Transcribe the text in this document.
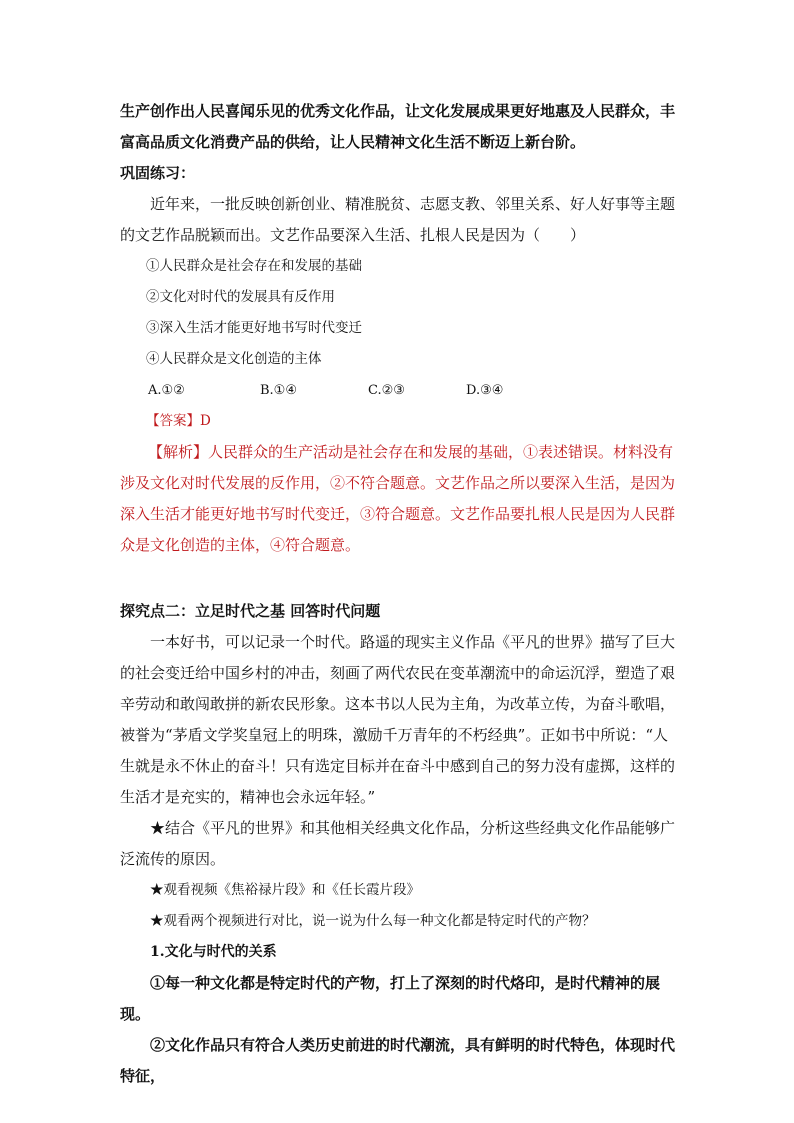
生产创作出人民喜闻乐见的优秀文化作品，让文化发展成果更好地惠及人民群众，丰富高品质文化消费产品的供给，让人民精神文化生活不断迈上新台阶。

巩固练习：

近年来，一批反映创新创业、精准脱贫、志愿支教、邻里关系、好人好事等主题的文艺作品脱颖而出。文艺作品要深入生活、扎根人民是因为（　　）

①人民群众是社会存在和发展的基础

②文化对时代的发展具有反作用

③深入生活才能更好地书写时代变迁

④人民群众是文化创造的主体

A.①②	B.①④	C.②③	D.③④

【答案】D

【解析】人民群众的生产活动是社会存在和发展的基础，①表述错误。材料没有涉及文化对时代发展的反作用，②不符合题意。文艺作品之所以要深入生活，是因为深入生活才能更好地书写时代变迁，③符合题意。文艺作品要扎根人民是因为人民群众是文化创造的主体，④符合题意。

探究点二：立足时代之基 回答时代问题

一本好书，可以记录一个时代。路遥的现实主义作品《平凡的世界》描写了巨大的社会变迁给中国乡村的冲击，刻画了两代农民在变革潮流中的命运沉浮，塑造了艰辛劳动和敢闯敢拼的新农民形象。这本书以人民为主角，为改革立传，为奋斗歌唱，被誉为“茅盾文学奖皇冠上的明珠，激励千万青年的不朽经典”。正如书中所说：“人生就是永不休止的奋斗！只有选定目标并在奋斗中感到自己的努力没有虚掷，这样的生活才是充实的，精神也会永远年轻。”

★结合《平凡的世界》和其他相关经典文化作品，分析这些经典文化作品能够广泛流传的原因。

★观看视频《焦裕禄片段》和《任长霞片段》

★观看两个视频进行对比，说一说为什么每一种文化都是特定时代的产物？

1.文化与时代的关系

①每一种文化都是特定时代的产物，打上了深刻的时代烙印，是时代精神的展现。

②文化作品只有符合人类历史前进的时代潮流，具有鲜明的时代特色，体现时代特征，
